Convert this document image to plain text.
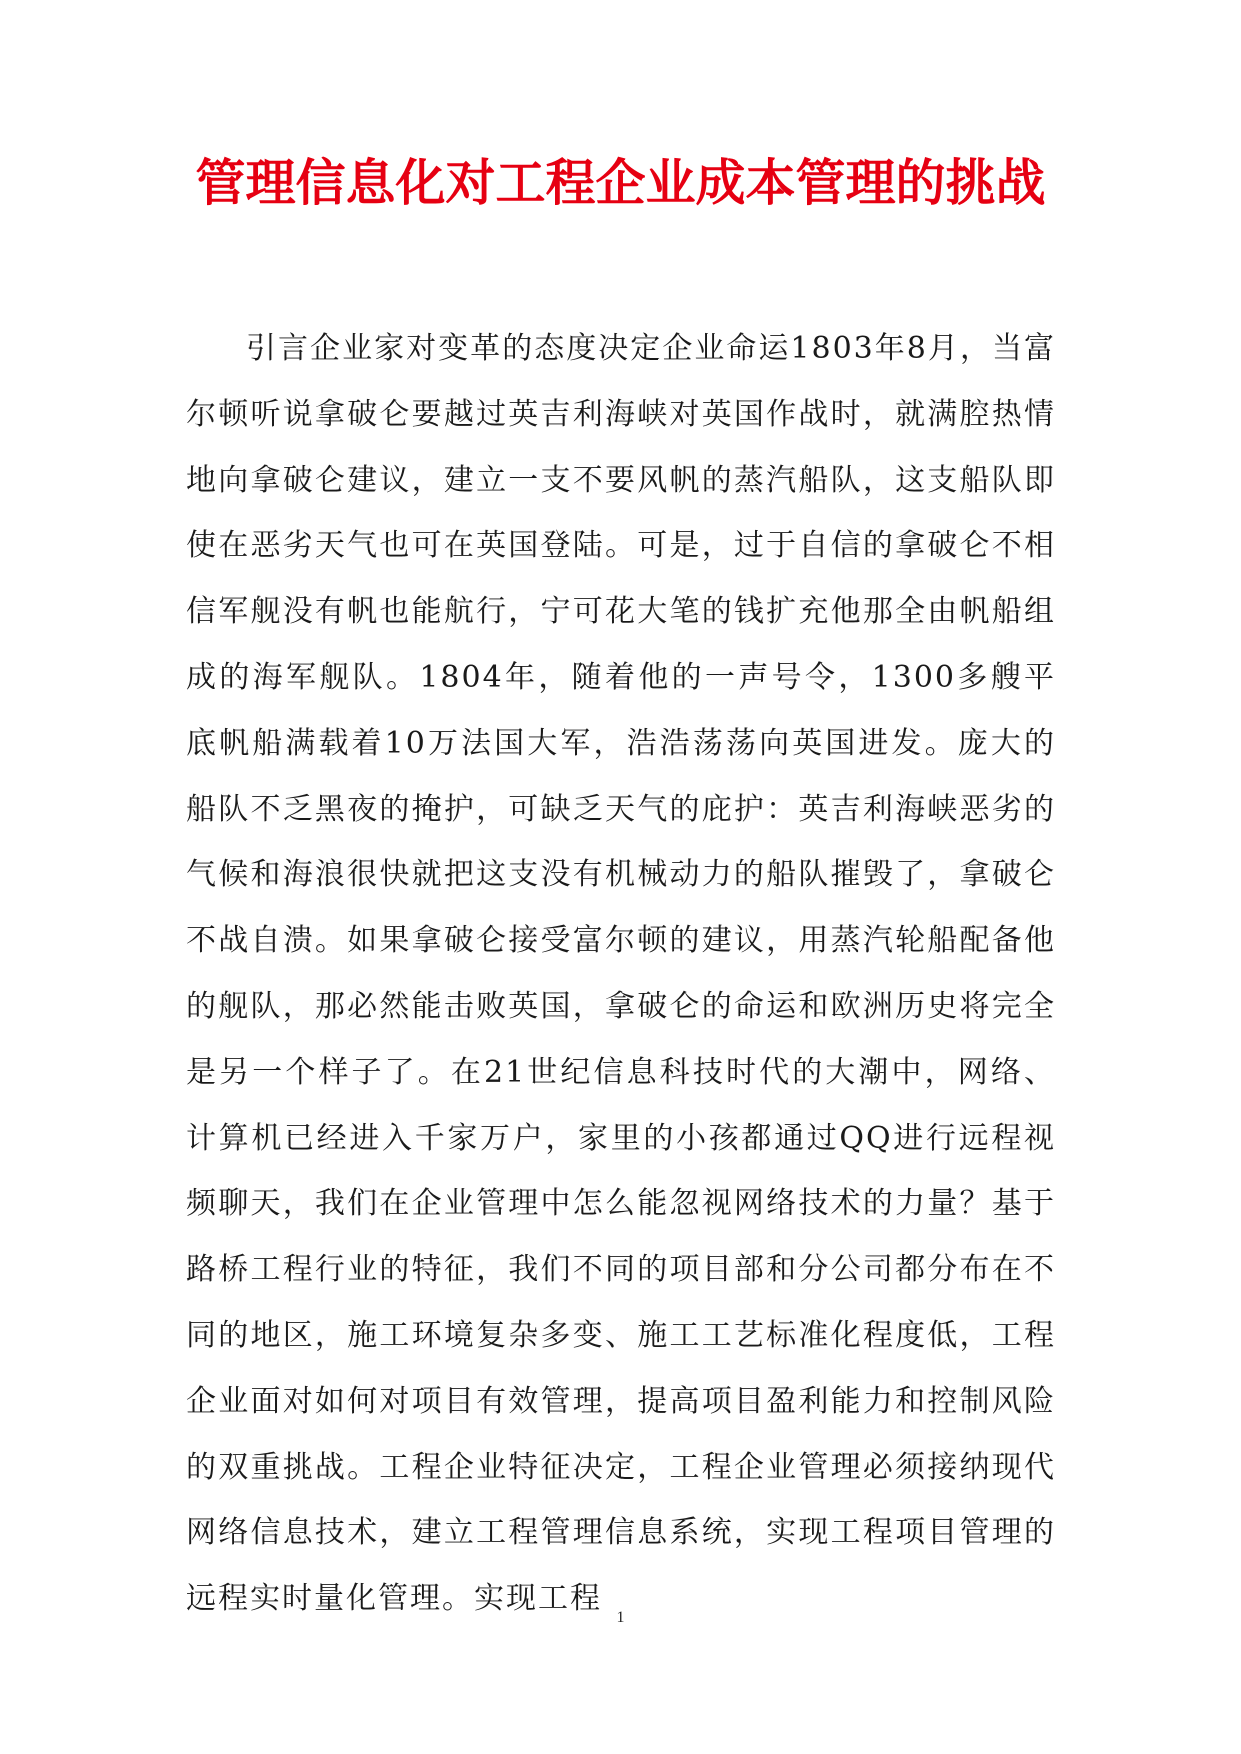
管理信息化对工程企业成本管理的挑战

引言企业家对变革的态度决定企业命运1803年8月，当富尔顿听说拿破仑要越过英吉利海峡对英国作战时，就满腔热情地向拿破仑建议，建立一支不要风帆的蒸汽船队，这支船队即使在恶劣天气也可在英国登陆。可是，过于自信的拿破仑不相信军舰没有帆也能航行，宁可花大笔的钱扩充他那全由帆船组成的海军舰队。1804年，随着他的一声号令，1300多艘平底帆船满载着10万法国大军，浩浩荡荡向英国进发。庞大的船队不乏黑夜的掩护，可缺乏天气的庇护：英吉利海峡恶劣的气候和海浪很快就把这支没有机械动力的船队摧毁了，拿破仑不战自溃。如果拿破仑接受富尔顿的建议，用蒸汽轮船配备他的舰队，那必然能击败英国，拿破仑的命运和欧洲历史将完全是另一个样子了。在21世纪信息科技时代的大潮中，网络、计算机已经进入千家万户，家里的小孩都通过QQ进行远程视频聊天，我们在企业管理中怎么能忽视网络技术的力量？基于路桥工程行业的特征，我们不同的项目部和分公司都分布在不同的地区，施工环境复杂多变、施工工艺标准化程度低，工程企业面对如何对项目有效管理，提高项目盈利能力和控制风险的双重挑战。工程企业特征决定，工程企业管理必须接纳现代网络信息技术，建立工程管理信息系统，实现工程项目管理的远程实时量化管理。实现工程

1
